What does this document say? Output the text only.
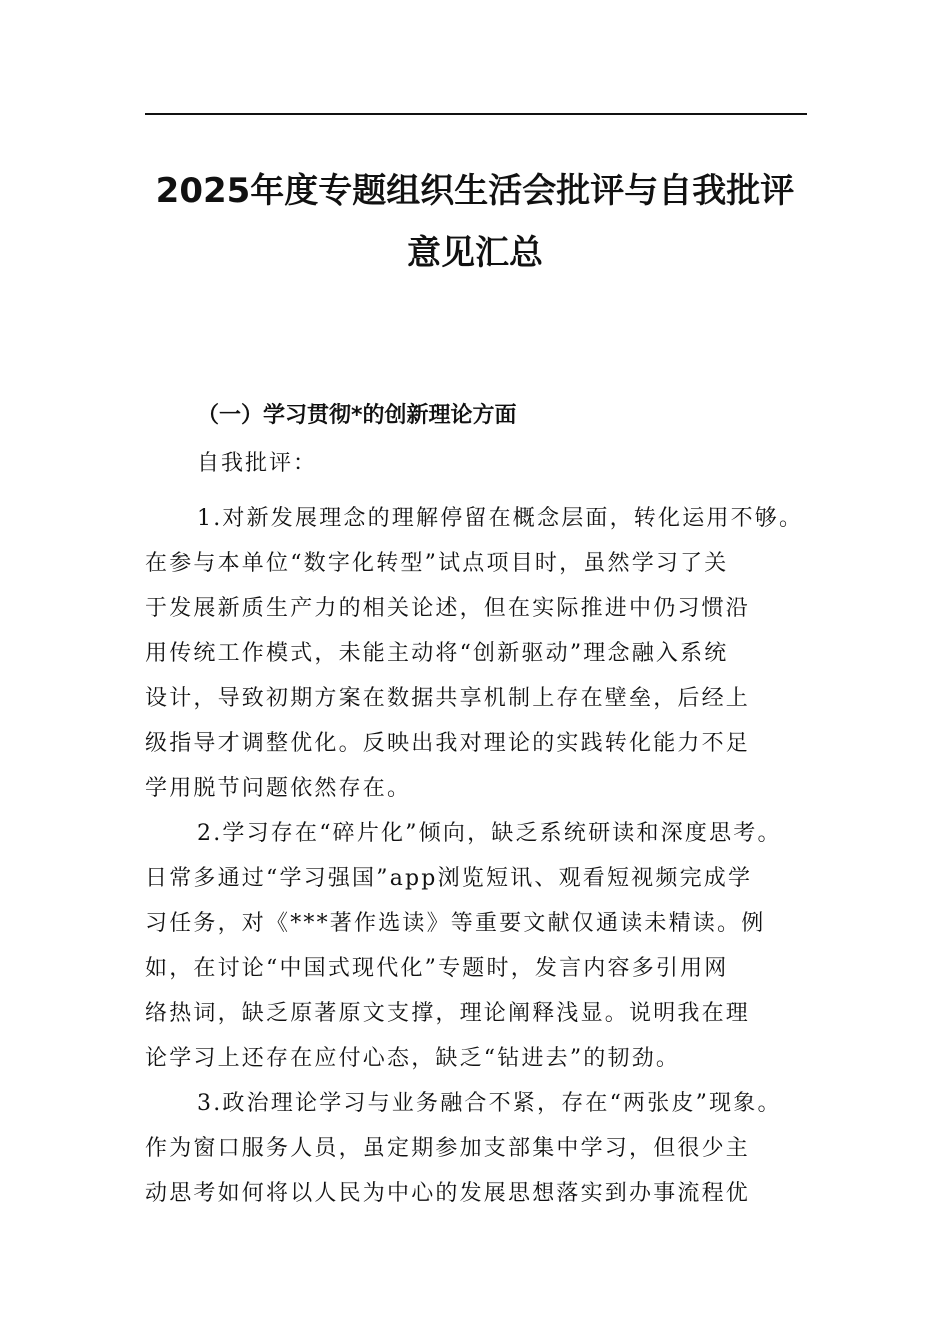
2025年度专题组织生活会批评与自我批评
意见汇总
（一）学习贯彻*的创新理论方面
自我批评：
1.对新发展理念的理解停留在概念层面，转化运用不够。
在参与本单位“数字化转型”试点项目时，虽然学习了关
于发展新质生产力的相关论述，但在实际推进中仍习惯沿
用传统工作模式，未能主动将“创新驱动”理念融入系统
设计，导致初期方案在数据共享机制上存在壁垒，后经上
级指导才调整优化。反映出我对理论的实践转化能力不足
学用脱节问题依然存在。
2.学习存在“碎片化”倾向，缺乏系统研读和深度思考。
日常多通过“学习强国”app浏览短讯、观看短视频完成学
习任务，对《***著作选读》等重要文献仅通读未精读。例
如，在讨论“中国式现代化”专题时，发言内容多引用网
络热词，缺乏原著原文支撑，理论阐释浅显。说明我在理
论学习上还存在应付心态，缺乏“钻进去”的韧劲。
3.政治理论学习与业务融合不紧，存在“两张皮”现象。
作为窗口服务人员，虽定期参加支部集中学习，但很少主
动思考如何将以人民为中心的发展思想落实到办事流程优
